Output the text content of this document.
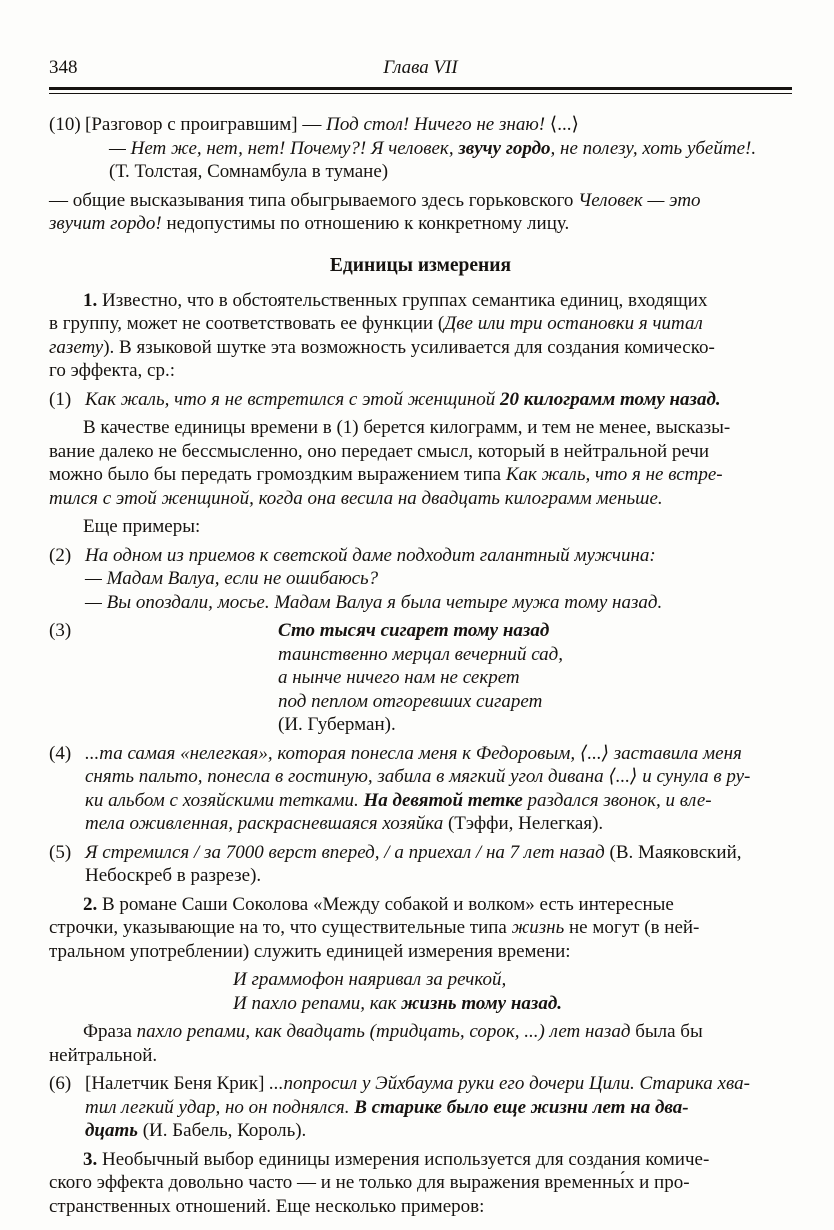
348	Глава VII
(10) [Разговор с проигравшим] — Под стол! Ничего не знаю! ⟨...⟩
— Нет же, нет, нет! Почему?! Я человек, звучу гордо, не полезу, хоть убейте!.
(Т. Толстая, Сомнамбула в тумане)
— общие высказывания типа обыгрываемого здесь горьковского Человек — это
звучит гордо! недопустимы по отношению к конкретному лицу.
Единицы измерения
1. Известно, что в обстоятельственных группах семантика единиц, входящих
в группу, может не соответствовать ее функции (Две или три остановки я читал
газету). В языковой шутке эта возможность усиливается для создания комическо-
го эффекта, ср.:
(1) Как жаль, что я не встретился с этой женщиной 20 килограмм тому назад.
В качестве единицы времени в (1) берется килограмм, и тем не менее, высказы-
вание далеко не бессмысленно, оно передает смысл, который в нейтральной речи
можно было бы передать громоздким выражением типа Как жаль, что я не встре-
тился с этой женщиной, когда она весила на двадцать килограмм меньше.
Еще примеры:
(2) На одном из приемов к светской даме подходит галантный мужчина:
— Мадам Валуа, если не ошибаюсь?
— Вы опоздали, мосье. Мадам Валуа я была четыре мужа тому назад.
(3)	Сто тысяч сигарет тому назад
таинственно мерцал вечерний сад,
а нынче ничего нам не секрет
под пеплом отгоревших сигарет
(И. Губерман).
(4) ...та самая «нелегкая», которая понесла меня к Федоровым, ⟨...⟩ заставила меня
снять пальто, понесла в гостиную, забила в мягкий угол дивана ⟨...⟩ и сунула в ру-
ки альбом с хозяйскими тетками. На девятой тетке раздался звонок, и вле-
тела оживленная, раскрасневшаяся хозяйка (Тэффи, Нелегкая).
(5) Я стремился / за 7000 верст вперед, / а приехал / на 7 лет назад (В. Маяковский,
Небоскреб в разрезе).
2. В романе Саши Соколова «Между собакой и волком» есть интересные
строчки, указывающие на то, что существительные типа жизнь не могут (в ней-
тральном употреблении) служить единицей измерения времени:
И граммофон наяривал за речкой,
И пахло репами, как жизнь тому назад.
Фраза пахло репами, как двадцать (тридцать, сорок, ...) лет назад была бы
нейтральной.
(6) [Налетчик Беня Крик] ...попросил у Эйхбаума руки его дочери Цили. Старика хва-
тил легкий удар, но он поднялся. В старике было еще жизни лет на два-
дцать (И. Бабель, Король).
3. Необычный выбор единицы измерения используется для создания комиче-
ского эффекта довольно часто — и не только для выражения временны́х и про-
странственных отношений. Еще несколько примеров:
